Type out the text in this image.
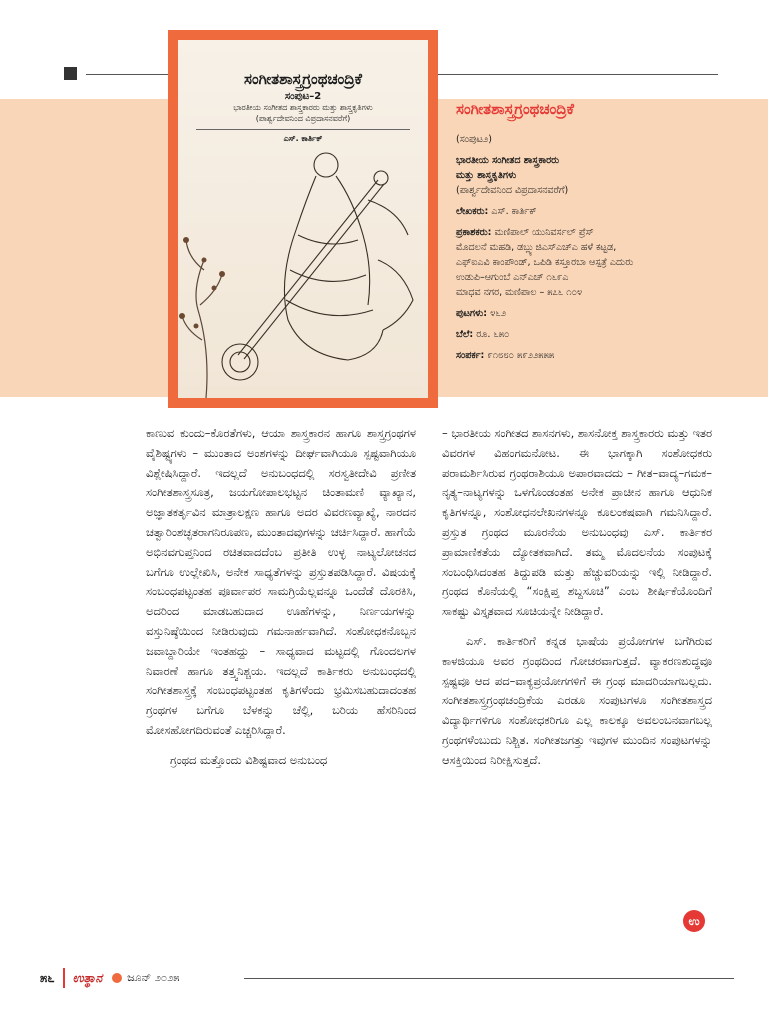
ಸಂಗೀತಶಾಸ್ತ್ರಗ್ರಂಥಚಂದ್ರಿಕೆ
ಸಂಪುಟ–2
ಭಾರತೀಯ ಸಂಗೀತದ ಶಾಸ್ತ್ರಕಾರರು ಮತ್ತು ಶಾಸ್ತ್ರಕೃತಿಗಳು
(ಪಾರ್ಶ್ವದೇವನಿಂದ ವಿಪ್ರದಾಸನವರೆಗೆ)
ಎಸ್. ಕಾರ್ತಿಕ್
ಸಂಗೀತಶಾಸ್ತ್ರಗ್ರಂಥಚಂದ್ರಿಕೆ

(ಸಂಪುಟ೨)

ಭಾರತೀಯ ಸಂಗೀತದ ಶಾಸ್ತ್ರಕಾರರು

ಮತ್ತು ಶಾಸ್ತ್ರಕೃತಿಗಳು

(ಪಾರ್ಶ್ವದೇವನಿಂದ ವಿಪ್ರದಾಸನವರೆಗೆ)

ಲೇಖಕರು: ಎಸ್. ಕಾರ್ತಿಕ್

ಪ್ರಕಾಶಕರು: ಮಣಿಪಾಲ್ ಯುನಿವರ್ಸಲ್ ಪ್ರೆಸ್

ಮೊದಲನೆ ಮಹಡಿ, ಡಬ್ಲ್ಯುಜಿಎಸ್‌ಎಚ್‌ಎ ಹಳೆ ಕಟ್ಟಡ,

ಎಫ್‌ಐಎವಿ ಕಾಂಪೌಂಡ್, ಒಪಿಡಿ ಕಸ್ತೂರಬಾ ಆಸ್ಪತ್ರೆ ಎದುರು

ಉಡುಪಿ–ಆಗುಂಬೆ ಎನ್‌ಎಚ್ ೧೬೯ಎ

ಮಾಧವ ನಗರ, ಮಣಿಪಾಲ – ೫೭೬ ೧೦೪

ಪುಟಗಳು: ೪೬೨

ಬೆಲೆ: ರೂ. ೬೫೦

ಸಂಪರ್ಕ: ೯೧೮೮೦ ೫೯೨೨೫೫೫

ಕಾಣುವ ಕುಂದು–ಕೊರತೆಗಳು, ಆಯಾ ಶಾಸ್ತ್ರಕಾರನ ಹಾಗೂ ಶಾಸ್ತ್ರಗ್ರಂಥಗಳ ವೈಶಿಷ್ಟ್ಯಗಳು – ಮುಂತಾದ ಅಂಶಗಳನ್ನು ದೀರ್ಘವಾಗಿಯೂ ಸ್ಪಷ್ಟವಾಗಿಯೂ ವಿಶ್ಲೇಷಿಸಿದ್ದಾರೆ. ಇದಲ್ಲದೆ ಅನುಬಂಧದಲ್ಲಿ ಸರಸ್ವತೀದೇವಿ ಪ್ರಣೀತ ಸಂಗೀತಶಾಸ್ತ್ರಸೂತ್ರ, ಜಯಗೋಪಾಲಭಟ್ಟನ ಚಿಂತಾಮಣಿ ವ್ಯಾಖ್ಯಾನ, ಅಜ್ಞಾತಕರ್ತೃವಿನ ಮಾತ್ರಾಲಕ್ಷಣ ಹಾಗೂ ಅದರ ವಿವರಣವ್ಯಾಖ್ಯೆ, ನಾರದನ ಚತ್ವಾರಿಂಶಚ್ಛತರಾಗನಿರೂಪಣ, ಮುಂತಾದವುಗಳನ್ನು ಚರ್ಚಿಸಿದ್ದಾರೆ. ಹಾಗೆಯೆ ಅಭಿನವಗುಪ್ತನಿಂದ ರಚಿತವಾದದೆಂಬ ಪ್ರತೀತಿ ಉಳ್ಳ ನಾಟ್ಯಲೋಚನದ ಬಗೆಗೂ ಉಲ್ಲೇಖಿಸಿ, ಅನೇಕ ಸಾಧ್ಯತೆಗಳನ್ನು ಪ್ರಸ್ತುತಪಡಿಸಿದ್ದಾರೆ. ವಿಷಯಕ್ಕೆ ಸಂಬಂಧಪಟ್ಟಂತಹ ಪೂರ್ವಾಪರ ಸಾಮಗ್ರಿಯೆಲ್ಲವನ್ನೂ ಒಂದೆಡೆ ದೊರಕಿಸಿ, ಅದರಿಂದ ಮಾಡಬಹುದಾದ ಊಹೆಗಳನ್ನು, ನಿರ್ಣಯಗಳನ್ನು ವಸ್ತುನಿಷ್ಠೆಯಿಂದ ನೀಡಿರುವುದು ಗಮನಾರ್ಹವಾಗಿದೆ. ಸಂಶೋಧಕನೊಬ್ಬನ ಜವಾಬ್ದಾರಿಯೇ ಇಂತಹದ್ದು – ಸಾಧ್ಯವಾದ ಮಟ್ಟದಲ್ಲಿ ಗೊಂದಲಗಳ ನಿವಾರಣೆ ಹಾಗೂ ತತ್ತ್ವನಿಶ್ಚಯ. ಇದಲ್ಲದೆ ಕಾರ್ತಿಕರು ಅನುಬಂಧದಲ್ಲಿ ಸಂಗೀತಶಾಸ್ತ್ರಕ್ಕೆ ಸಂಬಂಧಪಟ್ಟಂತಹ ಕೃತಿಗಳೆಂದು ಭ್ರಮಿಸಬಹುದಾದಂತಹ ಗ್ರಂಥಗಳ ಬಗೆಗೂ ಬೆಳಕನ್ನು ಚೆಲ್ಲಿ, ಬರಿಯ ಹೆಸರಿನಿಂದ ಮೋಸಹೋಗದಿರುವಂತೆ ಎಚ್ಚರಿಸಿದ್ದಾರೆ.

ಗ್ರಂಥದ ಮತ್ತೊಂದು ವಿಶಿಷ್ಟವಾದ ಅನುಬಂಧ

– ಭಾರತೀಯ ಸಂಗೀತದ ಶಾಸನಗಳು, ಶಾಸನೋಕ್ತ ಶಾಸ್ತ್ರಕಾರರು ಮತ್ತು ಇತರ ವಿವರಗಳ ವಿಹಂಗಮನೋಟ. ಈ ಭಾಗಕ್ಕಾಗಿ ಸಂಶೋಧಕರು ಪರಾಮರ್ಶಿಸಿರುವ ಗ್ರಂಥರಾಶಿಯೂ ಅಪಾರವಾದದು – ಗೀತ–ವಾದ್ಯ–ಗಮಕ–ನೃತ್ಯ–ನಾಟ್ಯಗಳನ್ನು ಒಳಗೊಂಡಂತಹ ಅನೇಕ ಪ್ರಾಚೀನ ಹಾಗೂ ಆಧುನಿಕ ಕೃತಿಗಳನ್ನೂ, ಸಂಶೋಧನಲೇಖನಗಳನ್ನೂ ಕೂಲಂಕಷವಾಗಿ ಗಮನಿಸಿದ್ದಾರೆ. ಪ್ರಸ್ತುತ ಗ್ರಂಥದ ಮೂರನೆಯ ಅನುಬಂಧವು ಎಸ್. ಕಾರ್ತಿಕರ ಪ್ರಾಮಾಣಿಕತೆಯ ದ್ಯೋತಕವಾಗಿದೆ. ತಮ್ಮ ಮೊದಲನೆಯ ಸಂಪುಟಕ್ಕೆ ಸಂಬಂಧಿಸಿದಂತಹ ತಿದ್ದುಪಡಿ ಮತ್ತು ಹೆಚ್ಚುವರಿಯನ್ನು ಇಲ್ಲಿ ನೀಡಿದ್ದಾರೆ. ಗ್ರಂಥದ ಕೊನೆಯಲ್ಲಿ “ಸಂಕ್ಷಿಪ್ತ ಶಬ್ದಸೂಚಿ” ಎಂಬ ಶೀರ್ಷಿಕೆಯೊಂದಿಗೆ ಸಾಕಷ್ಟು ವಿಸ್ತೃತವಾದ ಸೂಚಿಯನ್ನೇ ನೀಡಿದ್ದಾರೆ.

ಎಸ್. ಕಾರ್ತಿಕರಿಗೆ ಕನ್ನಡ ಭಾಷೆಯ ಪ್ರಯೋಗಗಳ ಬಗೆಗಿರುವ ಕಾಳಜಿಯೂ ಅವರ ಗ್ರಂಥದಿಂದ ಗೋಚರವಾಗುತ್ತದೆ. ವ್ಯಾಕರಣಶುದ್ಧವೂ ಸ್ಪಷ್ಟವೂ ಆದ ಪದ–ವಾಕ್ಯಪ್ರಯೋಗಗಳಿಗೆ ಈ ಗ್ರಂಥ ಮಾದರಿಯಾಗಬಲ್ಲದು. ಸಂಗೀತಶಾಸ್ತ್ರಗ್ರಂಥಚಂದ್ರಿಕೆಯ ಎರಡೂ ಸಂಪುಟಗಳೂ ಸಂಗೀತಶಾಸ್ತ್ರದ ವಿದ್ಯಾರ್ಥಿಗಳಿಗೂ ಸಂಶೋಧಕರಿಗೂ ಎಲ್ಲ ಕಾಲಕ್ಕೂ ಅವಲಂಬನವಾಗಬಲ್ಲ ಗ್ರಂಥಗಳೆಂಬುದು ನಿಶ್ಚಿತ. ಸಂಗೀತಜಗತ್ತು ಇವುಗಳ ಮುಂದಿನ ಸಂಪುಟಗಳನ್ನು ಆಸಕ್ತಿಯಿಂದ ನಿರೀಕ್ಷಿಸುತ್ತದೆ.

ಉ
೫೬ ಉತ್ಥಾನ ಜೂನ್ ೨೦೨೫
